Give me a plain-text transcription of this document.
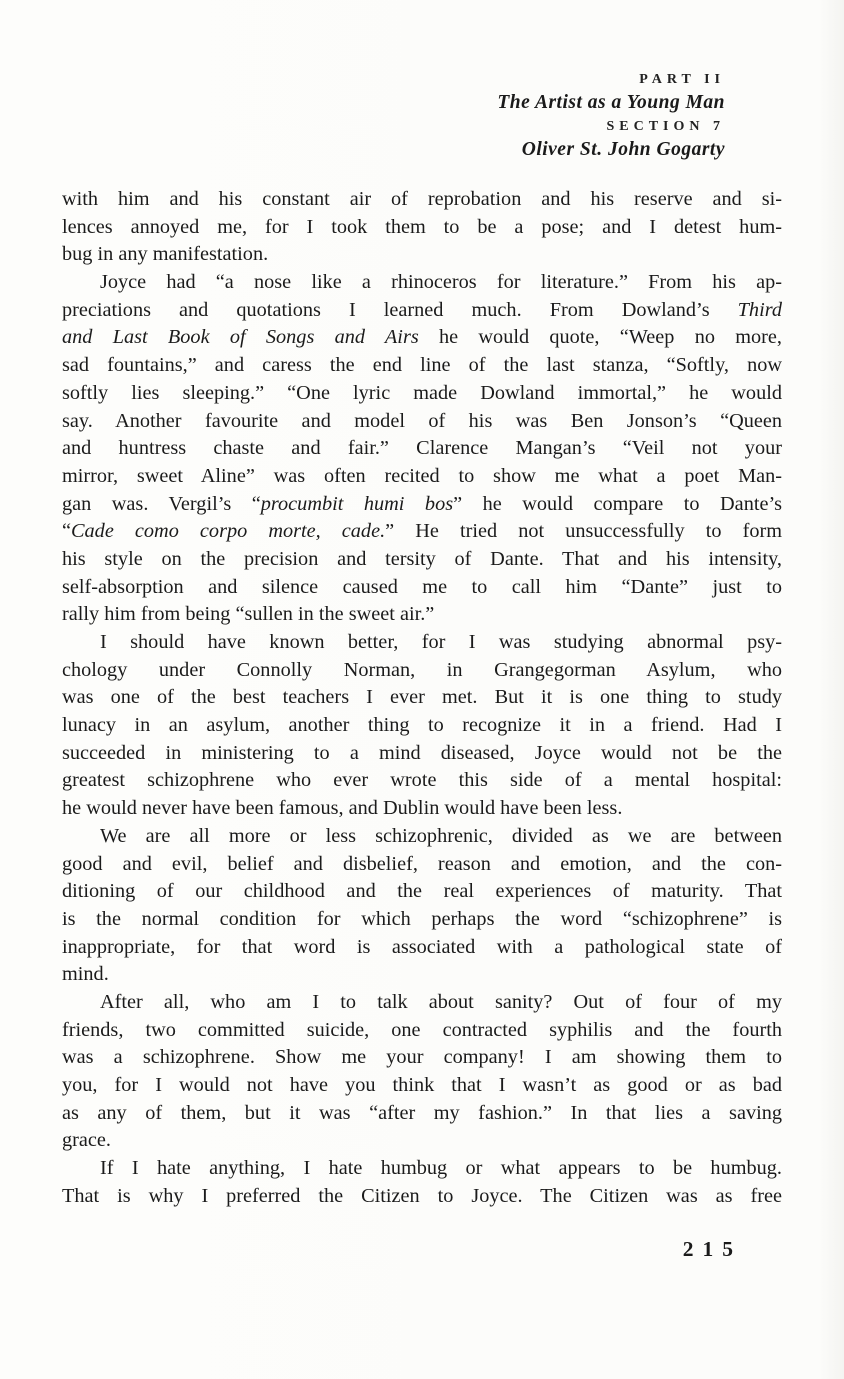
PART II
The Artist as a Young Man
SECTION 7
Oliver St. John Gogarty
with him and his constant air of reprobation and his reserve and si-
lences annoyed me, for I took them to be a pose; and I detest hum-
bug in any manifestation.
Joyce had “a nose like a rhinoceros for literature.” From his ap-
preciations and quotations I learned much. From Dowland’s Third
and Last Book of Songs and Airs he would quote, “Weep no more,
sad fountains,” and caress the end line of the last stanza, “Softly, now
softly lies sleeping.” “One lyric made Dowland immortal,” he would
say. Another favourite and model of his was Ben Jonson’s “Queen
and huntress chaste and fair.” Clarence Mangan’s “Veil not your
mirror, sweet Aline” was often recited to show me what a poet Man-
gan was. Vergil’s “procumbit humi bos” he would compare to Dante’s
“Cade como corpo morte, cade.” He tried not unsuccessfully to form
his style on the precision and tersity of Dante. That and his intensity,
self-absorption and silence caused me to call him “Dante” just to
rally him from being “sullen in the sweet air.”
I should have known better, for I was studying abnormal psy-
chology under Connolly Norman, in Grangegorman Asylum, who
was one of the best teachers I ever met. But it is one thing to study
lunacy in an asylum, another thing to recognize it in a friend. Had I
succeeded in ministering to a mind diseased, Joyce would not be the
greatest schizophrene who ever wrote this side of a mental hospital:
he would never have been famous, and Dublin would have been less.
We are all more or less schizophrenic, divided as we are between
good and evil, belief and disbelief, reason and emotion, and the con-
ditioning of our childhood and the real experiences of maturity. That
is the normal condition for which perhaps the word “schizophrene” is
inappropriate, for that word is associated with a pathological state of
mind.
After all, who am I to talk about sanity? Out of four of my
friends, two committed suicide, one contracted syphilis and the fourth
was a schizophrene. Show me your company! I am showing them to
you, for I would not have you think that I wasn’t as good or as bad
as any of them, but it was “after my fashion.” In that lies a saving
grace.
If I hate anything, I hate humbug or what appears to be humbug.
That is why I preferred the Citizen to Joyce. The Citizen was as free
215
